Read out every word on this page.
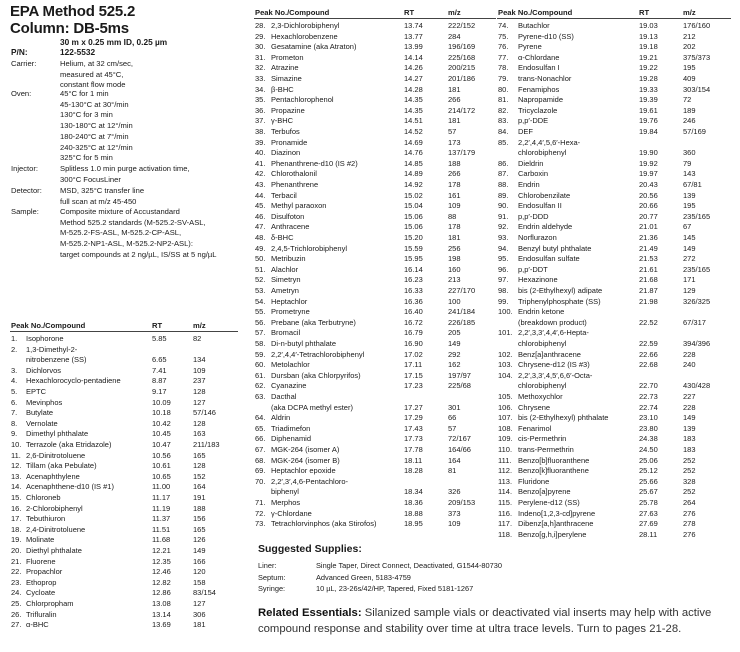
EPA Method 525.2
Column: DB-5ms
30 m x 0.25 mm ID, 0.25 µm
P/N:	122-5532
Carrier:	Helium, at 32 cm/sec,
measured at 45°C,
constant flow mode
Oven:	45°C for 1 min
45-130°C at 30°/min
130°C for 3 min
130-180°C at 12°/min
180-240°C at 7°/min
240-325°C at 12°/min
325°C for 5 min
Injector:	Splitless 1.0 min purge activation time,
300°C FocusLiner
Detector: MSD, 325°C transfer line
full scan at m/z 45-450
Sample:	Composite mixture of Accustandard
Method 525.2 standards (M-525.2-SV-ASL,
M-525.2-FS-ASL, M-525.2-CP-ASL,
M-525.2-NP1-ASL, M-525.2-NP2-ASL):
target compounds at 2 ng/µL, IS/SS at 5 ng/µL
Peak No./Compound	RT	m/z
1. Isophorone	5.85	82
2. 1,3-Dimethyl-2-
nitrobenzene (SS)	6.65	134
3. Dichlorvos	7.41	109
4. Hexachlorocyclo-pentadiene	8.87	237
5. EPTC	9.17	128
6. Mevinphos	10.09	127
7. Butylate	10.18	57/146
8. Vernolate	10.42	128
9. Dimethyl phthalate	10.45	163
10. Terrazole (aka Etridazole)	10.47	211/183
11. 2,6-Dinitrotoluene	10.56	165
12. Tillam (aka Pebulate)	10.61	128
13. Acenaphthylene	10.65	152
14. Acenaphthene-d10 (IS #1)	11.00	164
15. Chloroneb	11.17	191
16. 2-Chlorobiphenyl	11.19	188
17. Tebuthiuron	11.37	156
18. 2,4-Dinitrotoluene	11.51	165
19. Molinate	11.68	126
20. Diethyl phthalate	12.21	149
21. Fluorene	12.35	166
22. Propachlor	12.46	120
23. Ethoprop	12.82	158
24. Cycloate	12.86	83/154
25. Chlorpropham	13.08	127
26. Trifluralin	13.14	306
27. α-BHC	13.69	181
Peak No./Compound	RT	m/z
28. 2,3-Dichlorobiphenyl	13.74	222/152
29. Hexachlorobenzene	13.77	284
30. Gesatamine (aka Atraton)	13.99	196/169
31. Prometon	14.14	225/168
32. Atrazine	14.26	200/215
33. Simazine	14.27	201/186
34. β-BHC	14.28	181
35. Pentachlorophenol	14.35	266
36. Propazine	14.35	214/172
37. γ-BHC	14.51	181
38. Terbufos	14.52	57
39. Pronamide	14.69	173
40. Diazinon	14.76	137/179
41. Phenanthrene-d10 (IS #2)	14.85	188
42. Chlorothalonil	14.89	266
43. Phenanthrene	14.92	178
44. Terbacil	15.02	161
45. Methyl paraoxon	15.04	109
46. Disulfoton	15.06	88
47. Anthracene	15.06	178
48. δ-BHC	15.20	181
49. 2,4,5-Trichlorobiphenyl	15.59	256
50. Metribuzin	15.95	198
51. Alachlor	16.14	160
52. Simetryn	16.23	213
53. Ametryn	16.33	227/170
54. Heptachlor	16.36	100
55. Prometryne	16.40	241/184
56. Prebane (aka Terbutryne)	16.72	226/185
57. Bromacil	16.79	205
58. Di-n-butyl phthalate	16.90	149
59. 2,2′,4,4′-Tetrachlorobiphenyl	17.02	292
60. Metolachlor	17.11	162
61. Dursban (aka Chlorpyrifos)	17.15	197/97
62. Cyanazine	17.23	225/68
63. Dacthal
(aka DCPA methyl ester)	17.27	301
64. Aldrin	17.29	66
65. Triadimefon	17.43	57
66. Diphenamid	17.73	72/167
67. MGK-264 (isomer A)	17.78	164/66
68. MGK-264 (isomer B)	18.11	164
69. Heptachlor epoxide	18.28	81
70. 2,2′,3′,4,6-Pentachloro-
biphenyl	18.34	326
71. Merphos	18.36	209/153
72. γ-Chlordane	18.88	373
73. Tetrachlorvinphos (aka Stirofos)	18.95	109
Peak No./Compound	RT	m/z
74. Butachlor	19.03	176/160
75. Pyrene-d10 (SS)	19.13	212
76. Pyrene	19.18	202
77. α-Chlordane	19.21	375/373
78. Endosulfan I	19.22	195
79. trans-Nonachlor	19.28	409
80. Fenamiphos	19.33	303/154
81. Napropamide	19.39	72
82. Tricyclazole	19.61	189
83. p,p′-DDE	19.76	246
84. DEF	19.84	57/169
85. 2,2′,4,4′,5,6′-Hexa-
chlorobiphenyl	19.90	360
86. Dieldrin	19.92	79
87. Carboxin	19.97	143
88. Endrin	20.43	67/81
89. Chlorobenzilate	20.56	139
90. Endosulfan II	20.66	195
91. p,p′-DDD	20.77	235/165
92. Endrin aldehyde	21.01	67
93. Norflurazon	21.36	145
94. Benzyl butyl phthalate	21.49	149
95. Endosulfan sulfate	21.53	272
96. p,p′-DDT	21.61	235/165
97. Hexazinone	21.68	171
98. bis (2-Ethylhexyl) adipate	21.87	129
99. Triphenylphosphate (SS)	21.98	326/325
100. Endrin ketone
(breakdown product)	22.52	67/317
101. 2,2′,3,3′,4,4′,6-Hepta-
chlorobiphenyl	22.59	394/396
102. Benz[a]anthracene	22.66	228
103. Chrysene-d12 (IS #3)	22.68	240
104. 2,2′,3,3′,4,5′,6,6′-Octa-
chlorobiphenyl	22.70	430/428
105. Methoxychlor	22.73	227
106. Chrysene	22.74	228
107. bis (2-Ethylhexyl) phthalate	23.10	149
108. Fenarimol	23.80	139
109. cis-Permethrin	24.38	183
110. trans-Permethrin	24.50	183
111. Benzo[b]fluoranthene	25.06	252
112. Benzo[k]fluoranthene	25.12	252
113. Fluridone	25.66	328
114. Benzo[a]pyrene	25.67	252
115. Perylene-d12 (SS)	25.78	264
116. Indeno[1,2,3-cd]pyrene	27.63	276
117. Dibenz[a,h]anthracene	27.69	278
118. Benzo[g,h,i]perylene	28.11	276
Suggested Supplies:
Liner:	Single Taper, Direct Connect, Deactivated, G1544-80730
Septum:	Advanced Green, 5183-4759
Syringe:	10 µL, 23-26s/42/HP, Tapered, Fixed 5181-1267
Related Essentials: Silanized sample vials or deactivated vial inserts may help with active compound response and stability over time at ultra trace levels. Turn to pages 21-28.
